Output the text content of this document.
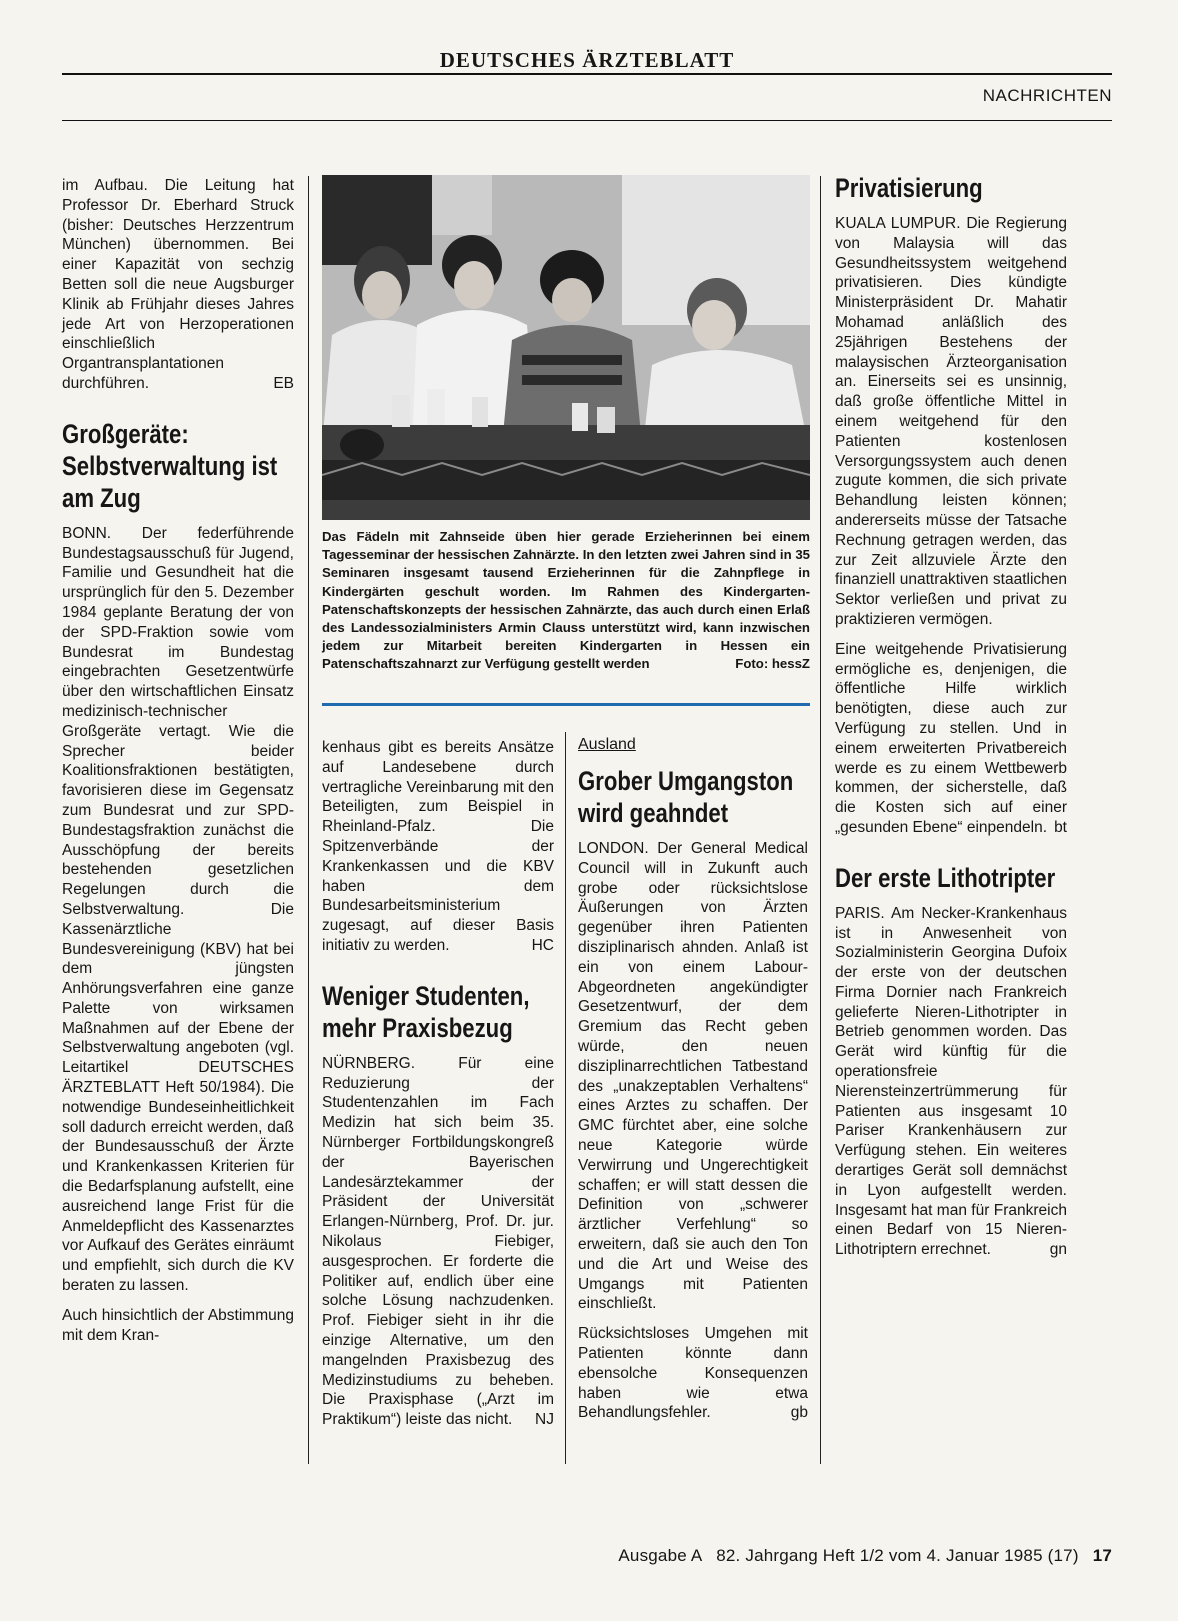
DEUTSCHES ÄRZTEBLATT
NACHRICHTEN

im Aufbau. Die Leitung hat Professor Dr. Eberhard Struck (bisher: Deutsches Herzzentrum München) übernommen. Bei einer Kapazität von sechzig Betten soll die neue Augsburger Klinik ab Frühjahr dieses Jahres jede Art von Herzoperationen einschließlich Organtransplantationen durchführen.	EB

Großgeräte: Selbstverwaltung ist am Zug

BONN. Der federführende Bundestagsausschuß für Jugend, Familie und Gesundheit hat die ursprünglich für den 5. Dezember 1984 geplante Beratung der von der SPD-Fraktion sowie vom Bundesrat im Bundestag eingebrachten Gesetzentwürfe über den wirtschaftlichen Einsatz medizinisch-technischer Großgeräte vertagt. Wie die Sprecher beider Koalitionsfraktionen bestätigten, favorisieren diese im Gegensatz zum Bundesrat und zur SPD-Bundestagsfraktion zunächst die Ausschöpfung der bereits bestehenden gesetzlichen Regelungen durch die Selbstverwaltung. Die Kassenärztliche Bundesvereinigung (KBV) hat bei dem jüngsten Anhörungsverfahren eine ganze Palette von wirksamen Maßnahmen auf der Ebene der Selbstverwaltung angeboten (vgl. Leitartikel DEUTSCHES ÄRZTEBLATT Heft 50/1984). Die notwendige Bundeseinheitlichkeit soll dadurch erreicht werden, daß der Bundesausschuß der Ärzte und Krankenkassen Kriterien für die Bedarfsplanung aufstellt, eine ausreichend lange Frist für die Anmeldepflicht des Kassenarztes vor Aufkauf des Gerätes einräumt und empfiehlt, sich durch die KV beraten zu lassen.

Auch hinsichtlich der Abstimmung mit dem Kran-

Das Fädeln mit Zahnseide üben hier gerade Erzieherinnen bei einem Tagesseminar der hessischen Zahnärzte. In den letzten zwei Jahren sind in 35 Seminaren insgesamt tausend Erzieherinnen für die Zahnpflege in Kindergärten geschult worden. Im Rahmen des Kindergarten-Patenschaftskonzepts der hessischen Zahnärzte, das auch durch einen Erlaß des Landessozialministers Armin Clauss unterstützt wird, kann inzwischen jedem zur Mitarbeit bereiten Kindergarten in Hessen ein Patenschaftszahnarzt zur Verfügung gestellt werden	Foto: hessZ

kenhaus gibt es bereits Ansätze auf Landesebene durch vertragliche Vereinbarung mit den Beteiligten, zum Beispiel in Rheinland-Pfalz. Die Spitzenverbände der Krankenkassen und die KBV haben dem Bundesarbeitsministerium zugesagt, auf dieser Basis initiativ zu werden.	HC

Weniger Studenten, mehr Praxisbezug

NÜRNBERG. Für eine Reduzierung der Studentenzahlen im Fach Medizin hat sich beim 35. Nürnberger Fortbildungskongreß der Bayerischen Landesärztekammer der Präsident der Universität Erlangen-Nürnberg, Prof. Dr. jur. Nikolaus Fiebiger, ausgesprochen. Er forderte die Politiker auf, endlich über eine solche Lösung nachzudenken. Prof. Fiebiger sieht in ihr die einzige Alternative, um den mangelnden Praxisbezug des Medizinstudiums zu beheben. Die Praxisphase („Arzt im Praktikum“) leiste das nicht. NJ

Ausland
Grober Umgangston wird geahndet

LONDON. Der General Medical Council will in Zukunft auch grobe oder rücksichtslose Äußerungen von Ärzten gegenüber ihren Patienten disziplinarisch ahnden. Anlaß ist ein von einem Labour-Abgeordneten angekündigter Gesetzentwurf, der dem Gremium das Recht geben würde, den neuen disziplinarrechtlichen Tatbestand des „unakzeptablen Verhaltens“ eines Arztes zu schaffen. Der GMC fürchtet aber, eine solche neue Kategorie würde Verwirrung und Ungerechtigkeit schaffen; er will statt dessen die Definition von „schwerer ärztlicher Verfehlung“ so erweitern, daß sie auch den Ton und die Art und Weise des Umgangs mit Patienten einschließt.

Rücksichtsloses Umgehen mit Patienten könnte dann ebensolche Konsequenzen haben wie etwa Behandlungsfehler.	gb

Privatisierung

KUALA LUMPUR. Die Regierung von Malaysia will das Gesundheitssystem weitgehend privatisieren. Dies kündigte Ministerpräsident Dr. Mahatir Mohamad anläßlich des 25jährigen Bestehens der malaysischen Ärzteorganisation an. Einerseits sei es unsinnig, daß große öffentliche Mittel in einem weitgehend für den Patienten kostenlosen Versorgungssystem auch denen zugute kommen, die sich private Behandlung leisten können; andererseits müsse der Tatsache Rechnung getragen werden, das zur Zeit allzuviele Ärzte den finanziell unattraktiven staatlichen Sektor verließen und privat zu praktizieren vermögen.

Eine weitgehende Privatisierung ermögliche es, denjenigen, die öffentliche Hilfe wirklich benötigten, diese auch zur Verfügung zu stellen. Und in einem erweiterten Privatbereich werde es zu einem Wettbewerb kommen, der sicherstelle, daß die Kosten sich auf einer „gesunden Ebene“ einpendeln. bt

Der erste Lithotripter

PARIS. Am Necker-Krankenhaus ist in Anwesenheit von Sozialministerin Georgina Dufoix der erste von der deutschen Firma Dornier nach Frankreich gelieferte Nieren-Lithotripter in Betrieb genommen worden. Das Gerät wird künftig für die operationsfreie Nierensteinzertrümmerung für Patienten aus insgesamt 10 Pariser Krankenhäusern zur Verfügung stehen. Ein weiteres derartiges Gerät soll demnächst in Lyon aufgestellt werden. Insgesamt hat man für Frankreich einen Bedarf von 15 Nieren-Lithotriptern errechnet.	gn

Ausgabe A   82. Jahrgang Heft 1/2 vom 4. Januar 1985 (17) 17
